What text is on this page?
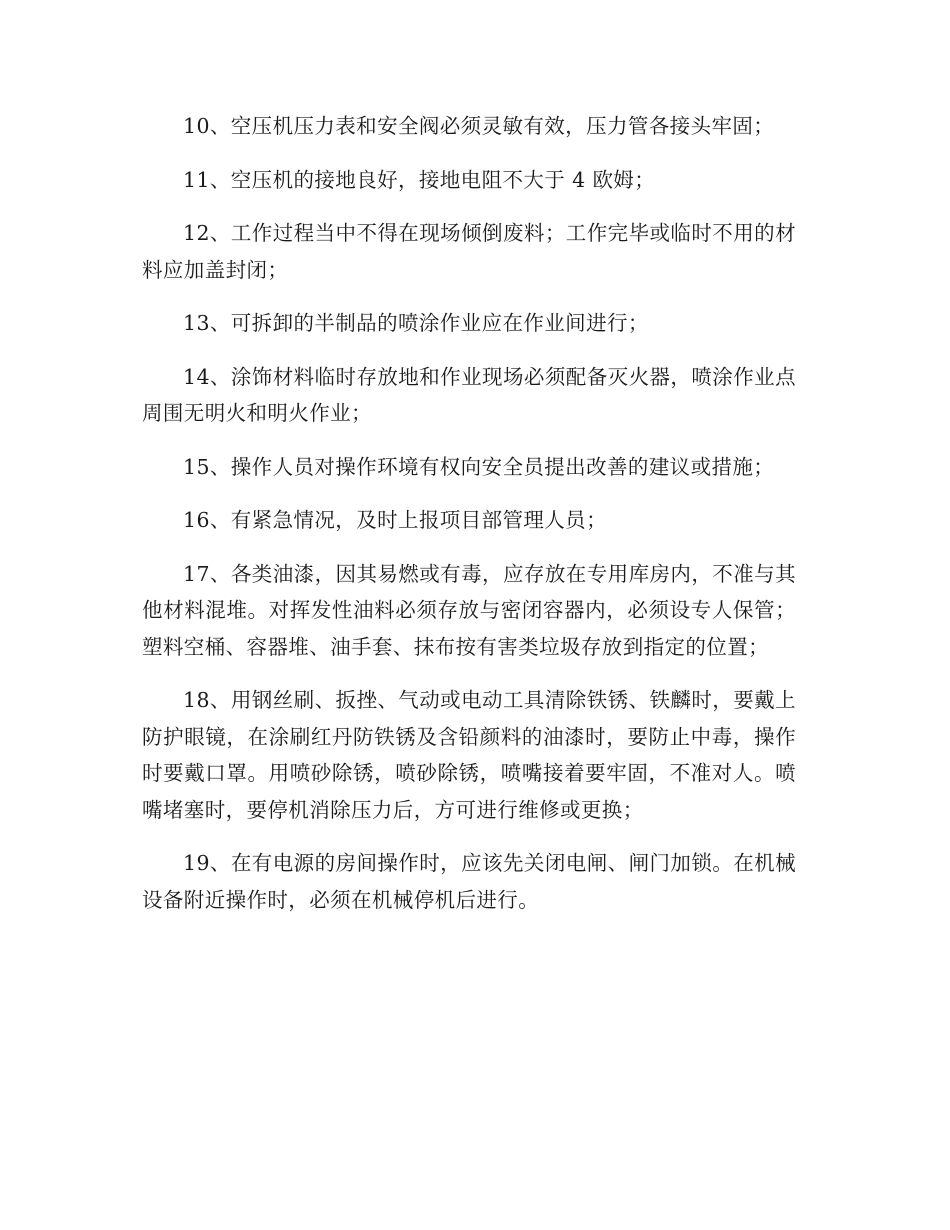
10、空压机压力表和安全阀必须灵敏有效，压力管各接头牢固；

11、空压机的接地良好，接地电阻不大于 4 欧姆；

12、工作过程当中不得在现场倾倒废料；工作完毕或临时不用的材料应加盖封闭；

13、可拆卸的半制品的喷涂作业应在作业间进行；

14、涂饰材料临时存放地和作业现场必须配备灭火器，喷涂作业点周围无明火和明火作业；

15、操作人员对操作环境有权向安全员提出改善的建议或措施；

16、有紧急情况，及时上报项目部管理人员；

17、各类油漆，因其易燃或有毒，应存放在专用库房内，不准与其他材料混堆。对挥发性油料必须存放与密闭容器内，必须设专人保管；塑料空桶、容器堆、油手套、抹布按有害类垃圾存放到指定的位置；

18、用钢丝刷、扳挫、气动或电动工具清除铁锈、铁麟时，要戴上防护眼镜，在涂刷红丹防铁锈及含铅颜料的油漆时，要防止中毒，操作时要戴口罩。用喷砂除锈，喷砂除锈，喷嘴接着要牢固，不准对人。喷嘴堵塞时，要停机消除压力后，方可进行维修或更换；

19、在有电源的房间操作时，应该先关闭电闸、闸门加锁。在机械设备附近操作时，必须在机械停机后进行。
